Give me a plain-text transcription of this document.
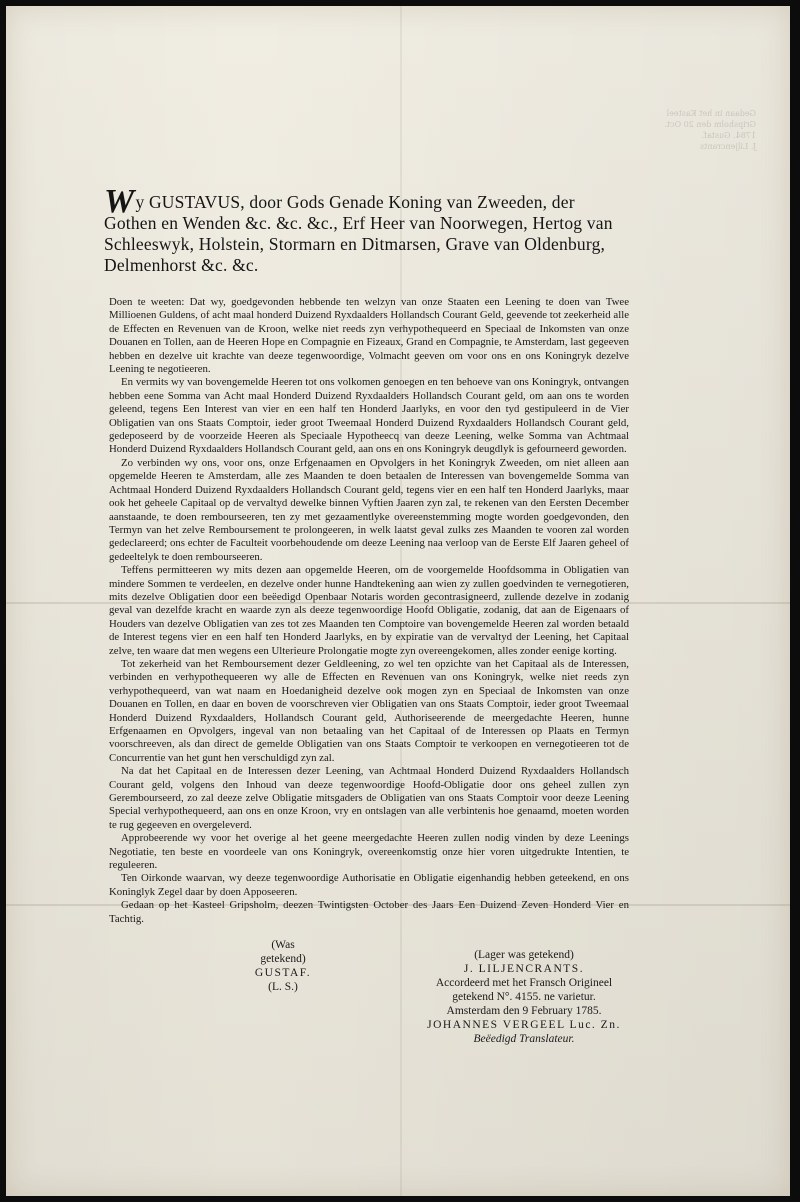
Gedaan in het Kasteel
Gripsholm den 20 Oct.
1784. Gustaf.
J. Liljencrants
Wy GUSTAVUS, door Gods Genade Koning van Zweeden, der Gothen en Wenden &c. &c. &c., Erf Heer van Noorwegen, Hertog van Schleeswyk, Holstein, Stormarn en Ditmarsen, Grave van Oldenburg, Delmenhorst &c. &c.

Doen te weeten: Dat wy, goedgevonden hebbende ten welzyn van onze Staaten een Leening te doen van Twee Millioenen Guldens, of acht maal honderd Duizend Ryxdaalders Hollandsch Courant Geld, geevende tot zeekerheid alle de Effecten en Revenuen van de Kroon, welke niet reeds zyn verhypothequeerd en Speciaal de Inkomsten van onze Douanen en Tollen, aan de Heeren Hope en Compagnie en Fizeaux, Grand en Compagnie, te Amsterdam, last gegeeven hebben en dezelve uit krachte van deeze tegenwoordige, Volmacht geeven om voor ons en ons Koningryk dezelve Leening te negotieeren.

En vermits wy van bovengemelde Heeren tot ons volkomen genoegen en ten behoeve van ons Koningryk, ontvangen hebben eene Somma van Acht maal Honderd Duizend Ryxdaalders Hollandsch Courant geld, om aan ons te worden geleend, tegens Een Interest van vier en een half ten Honderd Jaarlyks, en voor den tyd gestipuleerd in de Vier Obligatien van ons Staats Comptoir, ieder groot Tweemaal Honderd Duizend Ryxdaalders Hollandsch Courant geld, gedeposeerd by de voorzeide Heeren als Speciaale Hypotheecq van deeze Leening, welke Somma van Achtmaal Honderd Duizend Ryxdaalders Hollandsch Courant geld, aan ons en ons Koningryk deugdlyk is gefourneerd geworden.

Zo verbinden wy ons, voor ons, onze Erfgenaamen en Opvolgers in het Koningryk Zweeden, om niet alleen aan opgemelde Heeren te Amsterdam, alle zes Maanden te doen betaalen de Interessen van bovengemelde Somma van Achtmaal Honderd Duizend Ryxdaalders Hollandsch Courant geld, tegens vier en een half ten Honderd Jaarlyks, maar ook het geheele Capitaal op de vervaltyd dewelke binnen Vyftien Jaaren zyn zal, te rekenen van den Eersten December aanstaande, te doen rembourseeren, ten zy met gezaamentlyke overeenstemming mogte worden goedgevonden, den Termyn van het zelve Remboursement te prolongeeren, in welk laatst geval zulks zes Maanden te vooren zal worden gedeclareerd; ons echter de Faculteit voorbehoudende om deeze Leening naa verloop van de Eerste Elf Jaaren geheel of gedeeltelyk te doen rembourseeren.

Teffens permitteeren wy mits dezen aan opgemelde Heeren, om de voorgemelde Hoofdsomma in Obligatien van mindere Sommen te verdeelen, en dezelve onder hunne Handtekening aan wien zy zullen goedvinden te vernegotieren, mits dezelve Obligatien door een beëedigd Openbaar Notaris worden gecontrasigneerd, zullende dezelve in zodanig geval van dezelfde kracht en waarde zyn als deeze tegenwoordige Hoofd Obligatie, zodanig, dat aan de Eigenaars of Houders van dezelve Obligatien van zes tot zes Maanden ten Comptoire van bovengemelde Heeren zal worden betaald de Interest tegens vier en een half ten Honderd Jaarlyks, en by expiratie van de vervaltyd der Leening, het Capitaal zelve, ten waare dat men wegens een Ulterieure Prolongatie mogte zyn overeengekomen, alles zonder eenige korting.

Tot zekerheid van het Remboursement dezer Geldleening, zo wel ten opzichte van het Capitaal als de Interessen, verbinden en verhypothequeeren wy alle de Effecten en Revenuen van ons Koningryk, welke niet reeds zyn verhypothequeerd, van wat naam en Hoedanigheid dezelve ook mogen zyn en Speciaal de Inkomsten van onze Douanen en Tollen, en daar en boven de voorschreven vier Obligatien van ons Staats Comptoir, ieder groot Tweemaal Honderd Duizend Ryxdaalders, Hollandsch Courant geld, Authoriseerende de meergedachte Heeren, hunne Erfgenaamen en Opvolgers, ingeval van non betaaling van het Capitaal of de Interessen op Plaats en Termyn voorschreeven, als dan direct de gemelde Obligatien van ons Staats Comptoir te verkoopen en vernegotieeren tot de Concurrentie van het gunt hen verschuldigd zyn zal.

Na dat het Capitaal en de Interessen dezer Leening, van Achtmaal Honderd Duizend Ryxdaalders Hollandsch Courant geld, volgens den Inhoud van deeze tegenwoordige Hoofd-Obligatie door ons geheel zullen zyn Gerembourseerd, zo zal deeze zelve Obligatie mitsgaders de Obligatien van ons Staats Comptoir voor deeze Leening Special verhypothequeerd, aan ons en onze Kroon, vry en ontslagen van alle verbintenis hoe genaamd, moeten worden te rug gegeeven en overgeleverd.

Approbeerende wy voor het overige al het geene meergedachte Heeren zullen nodig vinden by deze Leenings Negotiatie, ten beste en voordeele van ons Koningryk, overeenkomstig onze hier voren uitgedrukte Intentien, te reguleeren.

Ten Oirkonde waarvan, wy deeze tegenwoordige Authorisatie en Obligatie eigenhandig hebben geteekend, en ons Koninglyk Zegel daar by doen Apposeeren.

Gedaan op het Kasteel Gripsholm, deezen Twintigsten October des Jaars Een Duizend Zeven Honderd Vier en Tachtig.

(Was getekend)
GUSTAF.
(L. S.)
(Lager was getekend)
J. LILJENCRANTS.
Accordeerd met het Fransch Origineel
getekend N°. 4155. ne varietur.
Amsterdam den 9 February 1785.
JOHANNES VERGEEL Luc. Zn.
Beëedigd Translateur.
